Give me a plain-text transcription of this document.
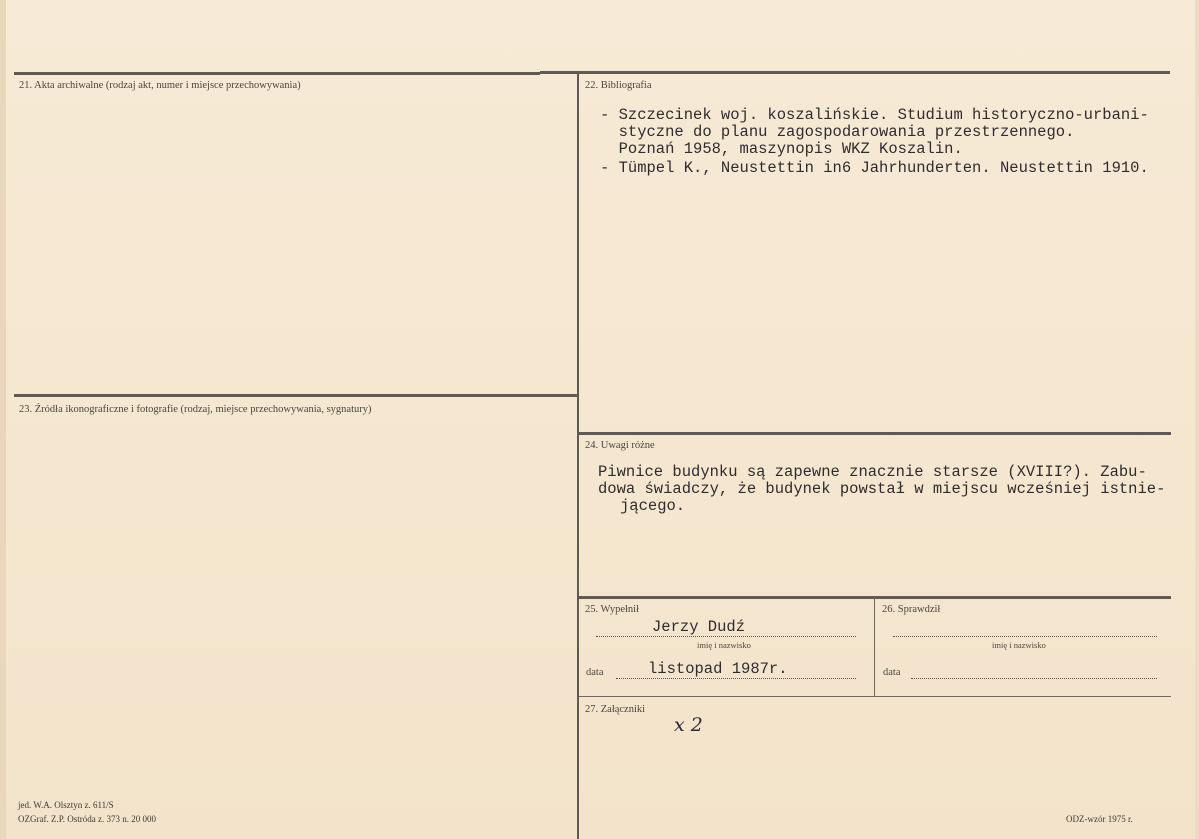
21. Akta archiwalne (rodzaj akt, numer i miejsce przechowywania)	22. Bibliografia
- Szczecinek woj. koszalińskie. Studium historyczno-urbani-
styczne do planu zagospodarowania przestrzennego.
Poznań 1958, maszynopis WKZ Koszalin.
- Tümpel K., Neustettin in6 Jahrhunderten. Neustettin 1910.
23. Źródła ikonograficzne i fotografie (rodzaj, miejsce przechowywania, sygnatury)
24. Uwagi różne
Piwnice budynku są zapewne znacznie starsze (XVIII?). Zabu-
dowa świadczy, że budynek powstał w miejscu wcześniej istnie-
jącego.
25. Wypełnił
Jerzy Dudź
imię i nazwisko
data	listopad 1987r.
26. Sprawdził
imię i nazwisko
data
27. Załączniki
x 2
jed. W.A. Olsztyn z. 611/S
OZGraf. Z.P. Ostróda z. 373 n. 20 000	ODZ-wzór 1975 r.
